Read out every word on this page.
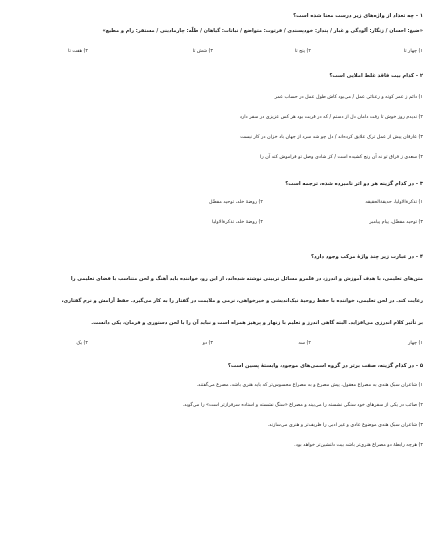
۱ - چه تعداد از واژه‌های زیر درست معنا شده است؟
«ضیغ: احسان / زنگار: آلودگی و غبار / پندار: خودپسندی / فرتوت: متواضع / نباتات: گیاهان / طلّه: چارمادینی / مستقر: رام و مطیع»
۱) چهار تا
۲) پنج تا
۳) شش تا
۴) هفت تا
۲ - کدام بیت فاقد غلط املایی است؟
۱) دائم ز عمر کوته و رعنائی عمل / می‌بود کاش طول عمل در حساب عمر
۲) ندیدم روز خوش تا رفت دامان دل از دستم / که در قربت بود هر کس عزیزی در سفر دارد
۳) عارفان پیش از عمل ترک علایق کرده‌اند / دل چو شد سرد از جهان باد خزان در کار نیست
۴) سعدی ز فراق تو نه آن رنج کشیده است / کز شادی وصل تو فراموش کند آن را
۳ - در کدام گزینه هر دو اثر نامبرده شده، ترجمه است؟
۱) تذکرةالاولیا، حدیقةالحقیقه
۲) روضهٔ خلد، توحید مفضّل
۳) توحید مفضّل، پیام پیامبر
۴) روضهٔ خلد، تذکرةالاولیا
۴ - در عبارت زیر چند واژهٔ مرکب وجود دارد؟
متن‌های تعلیمی، با هدف آموزش و اندرز، در قلمرو مسائل تربیتی نوشته شده‌اند، از این رو، خواننده باید آهنگ و لحن متناسب با فضای تعلیمی را
رعایت کند. در لحن تعلیمی، خواننده با حفظ روحیهٔ نیک‌اندیشی و خیرخواهی، نرمی و ملایمت در گفتار را به کار می‌گیرد. حفظ آرامش و نرم گفتاری،
بر تأثیر کلام اندرزی می‌افزاید. البته گاهی اندرز و تعلیم با زنهار و پرهیز همراه است و نباید آن را با لحن دستوری و فرمان، یکی دانست.
۱) چهار
۲) سه
۳) دو
۴) یک
۵ - در کدام گزینه، صفت برتر در گروه اسمی‌های موجود، وابستهٔ پسین است؟
۱) شاعران سبک هندی به مصراع معقول، پیش مصرع و به مصراع محسوس‌تر که باید هنری باشد، مصرع می‌گفتند.
۲) صائب در یکی از سفرهای خود سنگی نشسته را می‌بیند و مصراع «سنگ نشسته و استاده سرفرازتر است» را می‌گوید.
۳) شاعران سبک هندی موضوع عادی و غیر ادبی را ظریف‌تر و هنری می‌سازند.
۴) هرچه رابطهٔ دو مصراع هنری‌تر باشد بیت دلنشین‌تر خواهد بود.
